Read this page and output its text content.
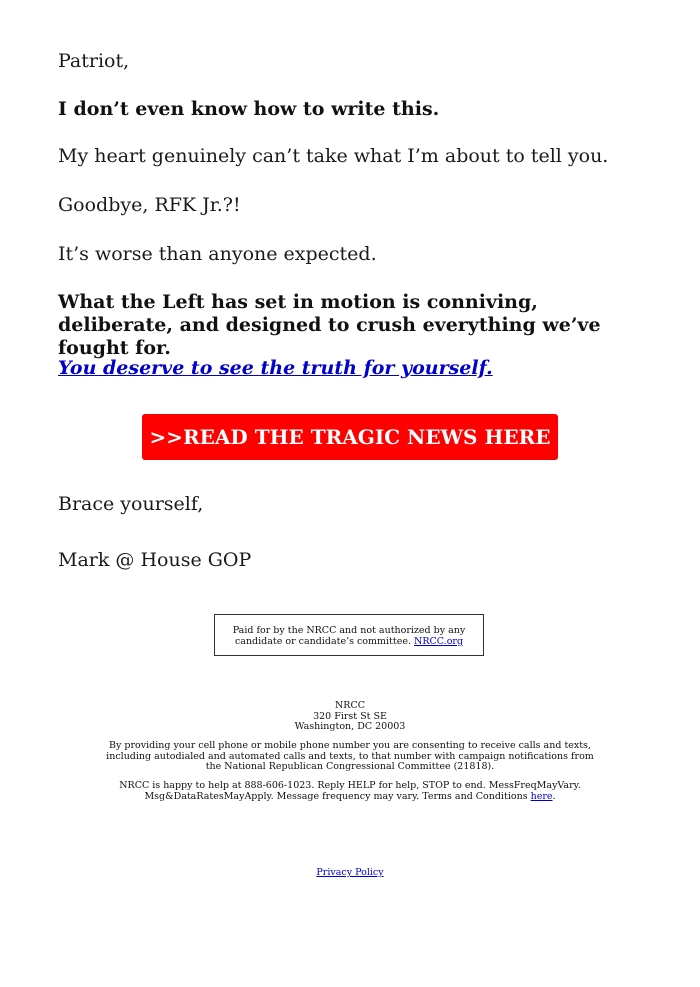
Patriot,

I don’t even know how to write this.

My heart genuinely can’t take what I’m about to tell you.

Goodbye, RFK Jr.?!

It’s worse than anyone expected.

What the Left has set in motion is conniving, deliberate, and designed to crush everything we’ve fought for.

You deserve to see the truth for yourself.

Brace yourself,

Mark @ House GOP

>>READ THE TRAGIC NEWS HERE
Paid for by the NRCC and not authorized by any candidate or candidate’s committee. NRCC.org
NRCC
320 First St SE
Washington, DC 20003
By providing your cell phone or mobile phone number you are consenting to receive calls and texts, including autodialed and automated calls and texts, to that number with campaign notifications from the National Republican Congressional Committee (21818).
NRCC is happy to help at 888-606-1023. Reply HELP for help, STOP to end. MessFreqMayVary. Msg&DataRatesMayApply. Message frequency may vary. Terms and Conditions here.
Privacy Policy
